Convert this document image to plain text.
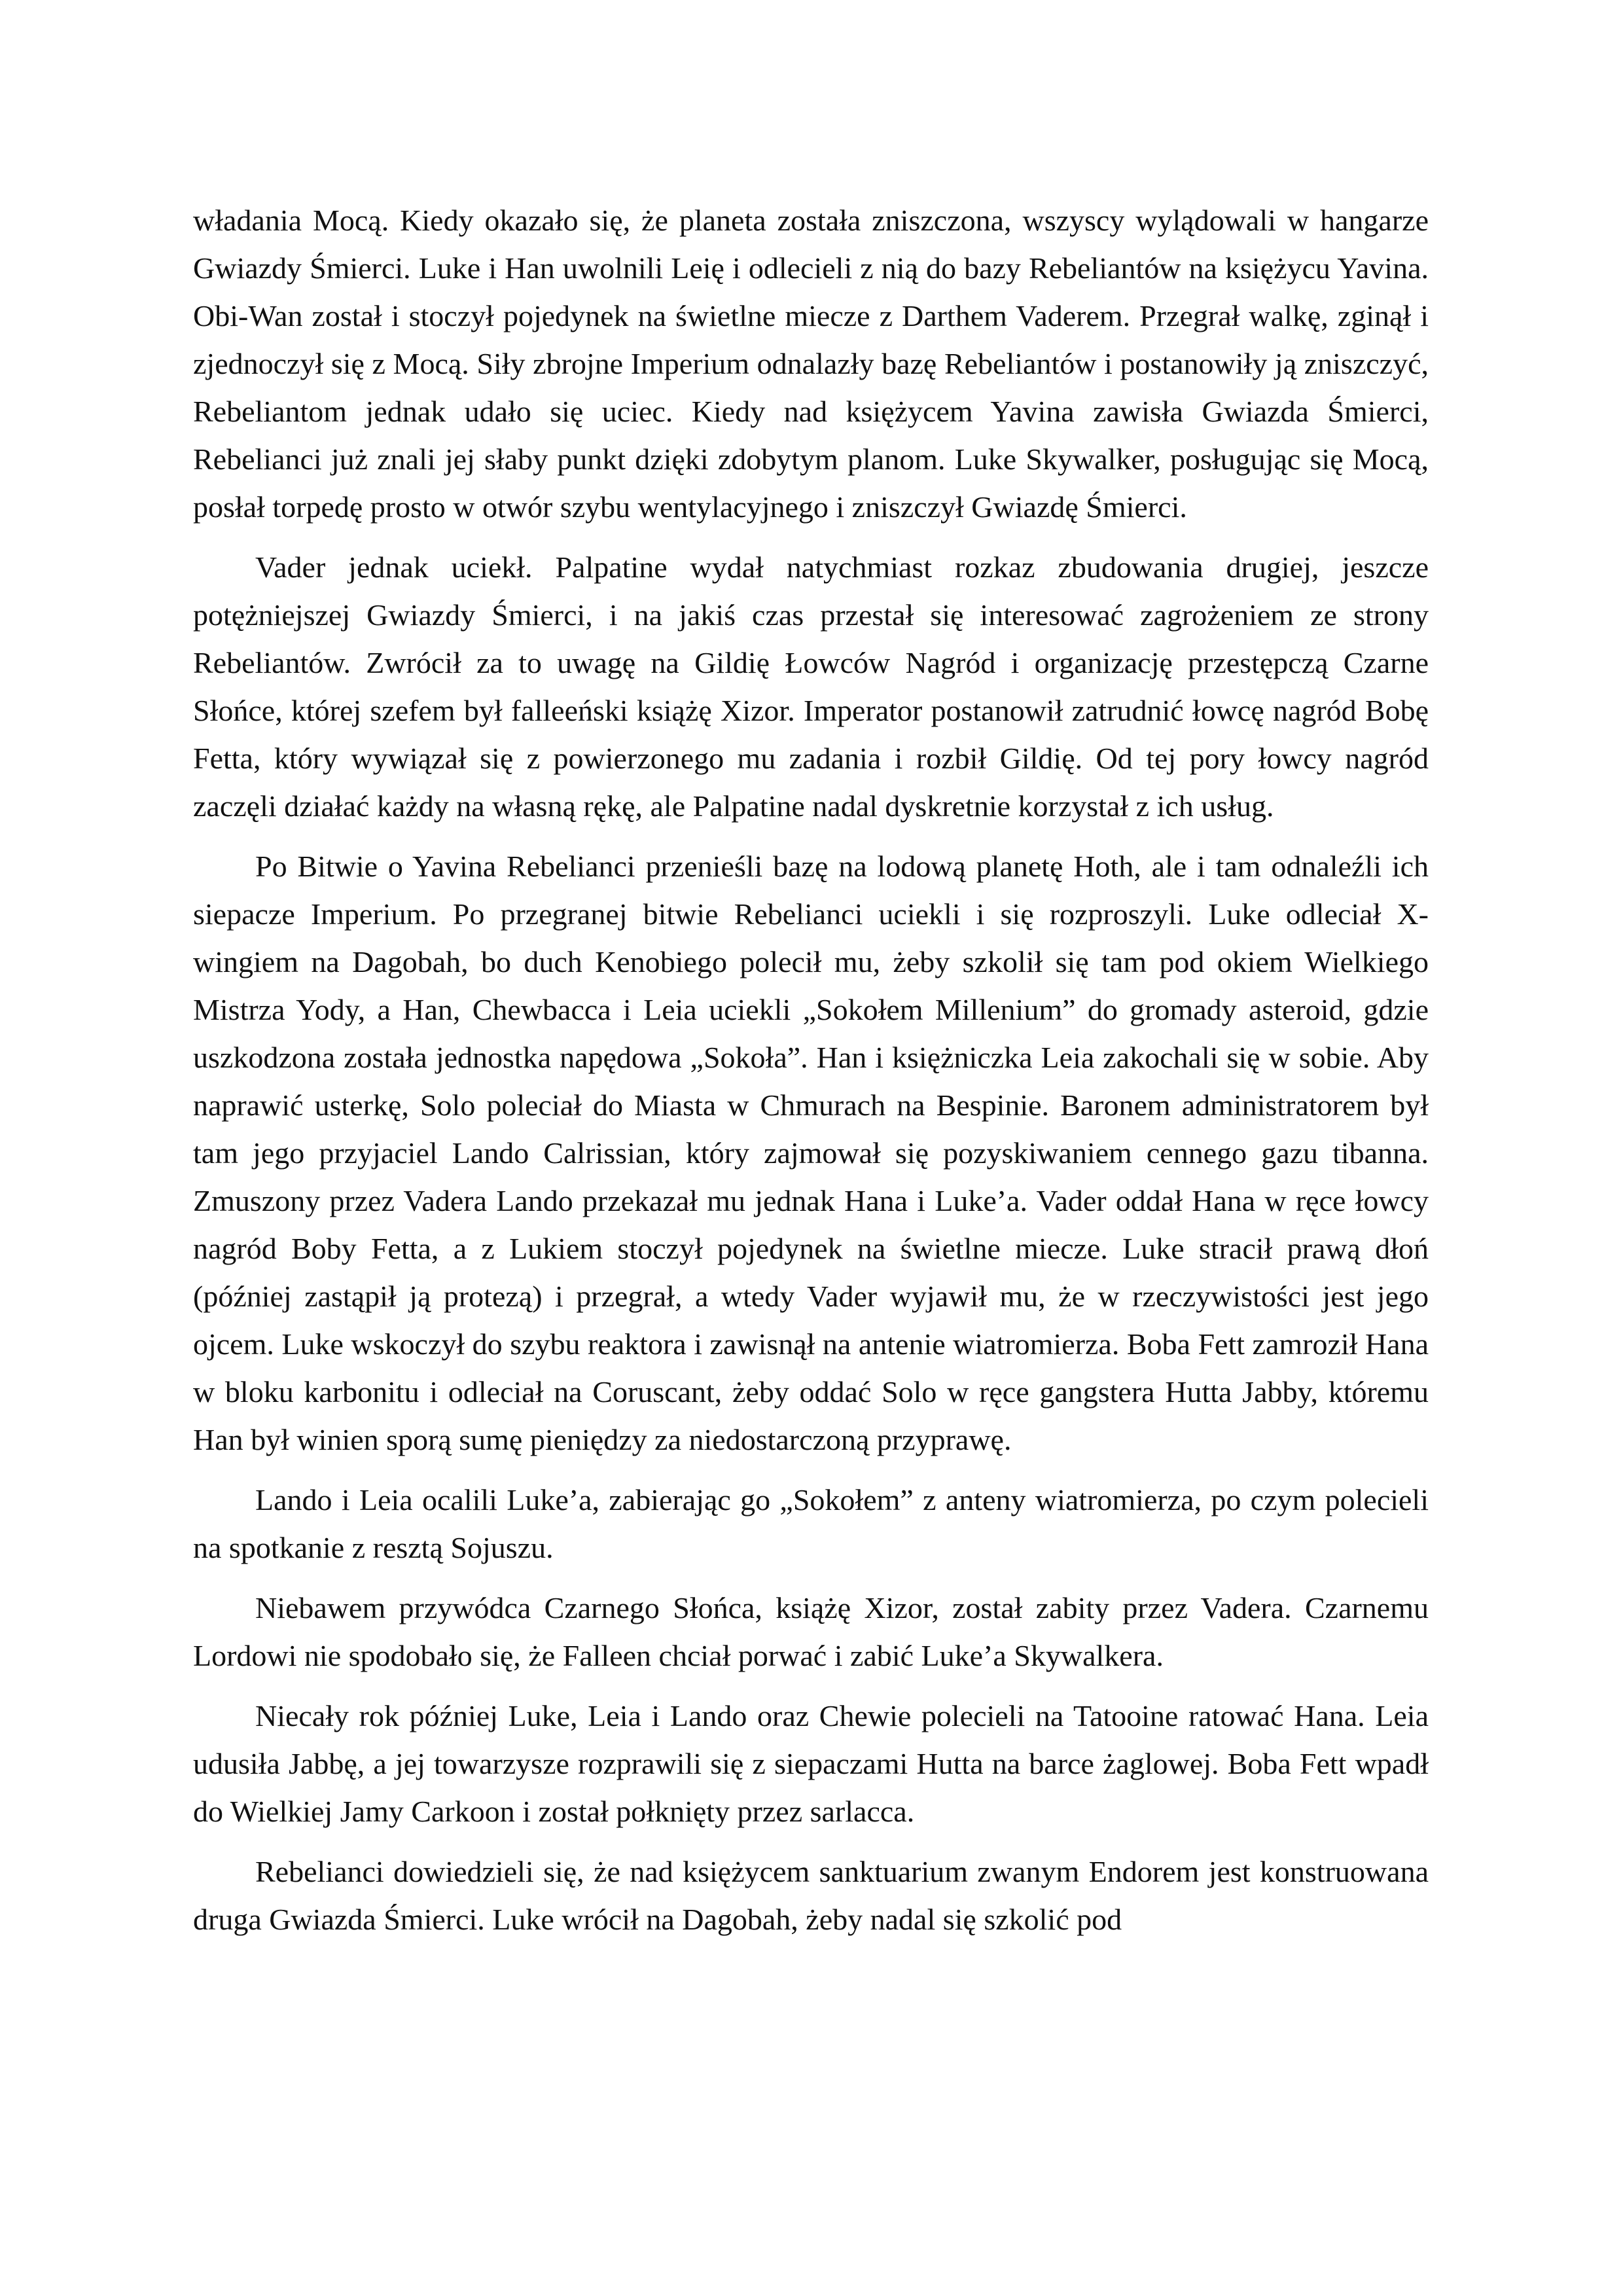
władania Mocą. Kiedy okazało się, że planeta została zniszczona, wszyscy wylądowali w hangarze Gwiazdy Śmierci. Luke i Han uwolnili Leię i odlecieli z nią do bazy Rebeliantów na księżycu Yavina. Obi-Wan został i stoczył pojedynek na świetlne miecze z Darthem Vaderem. Przegrał walkę, zginął i zjednoczył się z Mocą. Siły zbrojne Imperium odnalazły bazę Rebeliantów i postanowiły ją zniszczyć, Rebeliantom jednak udało się uciec. Kiedy nad księżycem Yavina zawisła Gwiazda Śmierci, Rebelianci już znali jej słaby punkt dzięki zdobytym planom. Luke Skywalker, posługując się Mocą, posłał torpedę prosto w otwór szybu wentylacyjnego i zniszczył Gwiazdę Śmierci.

Vader jednak uciekł. Palpatine wydał natychmiast rozkaz zbudowania drugiej, jeszcze potężniejszej Gwiazdy Śmierci, i na jakiś czas przestał się interesować zagrożeniem ze strony Rebeliantów. Zwrócił za to uwagę na Gildię Łowców Nagród i organizację przestępczą Czarne Słońce, której szefem był falleeński książę Xizor. Imperator postanowił zatrudnić łowcę nagród Bobę Fetta, który wywiązał się z powierzonego mu zadania i rozbił Gildię. Od tej pory łowcy nagród zaczęli działać każdy na własną rękę, ale Palpatine nadal dyskretnie korzystał z ich usług.

Po Bitwie o Yavina Rebelianci przenieśli bazę na lodową planetę Hoth, ale i tam odnaleźli ich siepacze Imperium. Po przegranej bitwie Rebelianci uciekli i się rozproszyli. Luke odleciał X-wingiem na Dagobah, bo duch Kenobiego polecił mu, żeby szkolił się tam pod okiem Wielkiego Mistrza Yody, a Han, Chewbacca i Leia uciekli „Sokołem Millenium” do gromady asteroid, gdzie uszkodzona została jednostka napędowa „Sokoła”. Han i księżniczka Leia zakochali się w sobie. Aby naprawić usterkę, Solo poleciał do Miasta w Chmurach na Bespinie. Baronem administratorem był tam jego przyjaciel Lando Calrissian, który zajmował się pozyskiwaniem cennego gazu tibanna. Zmuszony przez Vadera Lando przekazał mu jednak Hana i Luke’a. Vader oddał Hana w ręce łowcy nagród Boby Fetta, a z Lukiem stoczył pojedynek na świetlne miecze. Luke stracił prawą dłoń (później zastąpił ją protezą) i przegrał, a wtedy Vader wyjawił mu, że w rzeczywistości jest jego ojcem. Luke wskoczył do szybu reaktora i zawisnął na antenie wiatromierza. Boba Fett zamroził Hana w bloku karbonitu i odleciał na Coruscant, żeby oddać Solo w ręce gangstera Hutta Jabby, któremu Han był winien sporą sumę pieniędzy za niedostarczoną przyprawę.

Lando i Leia ocalili Luke’a, zabierając go „Sokołem” z anteny wiatromierza, po czym polecieli na spotkanie z resztą Sojuszu.

Niebawem przywódca Czarnego Słońca, książę Xizor, został zabity przez Vadera. Czarnemu Lordowi nie spodobało się, że Falleen chciał porwać i zabić Luke’a Skywalkera.

Niecały rok później Luke, Leia i Lando oraz Chewie polecieli na Tatooine ratować Hana. Leia udusiła Jabbę, a jej towarzysze rozprawili się z siepaczami Hutta na barce żaglowej. Boba Fett wpadł do Wielkiej Jamy Carkoon i został połknięty przez sarlacca.

Rebelianci dowiedzieli się, że nad księżycem sanktuarium zwanym Endorem jest konstruowana druga Gwiazda Śmierci. Luke wrócił na Dagobah, żeby nadal się szkolić pod
